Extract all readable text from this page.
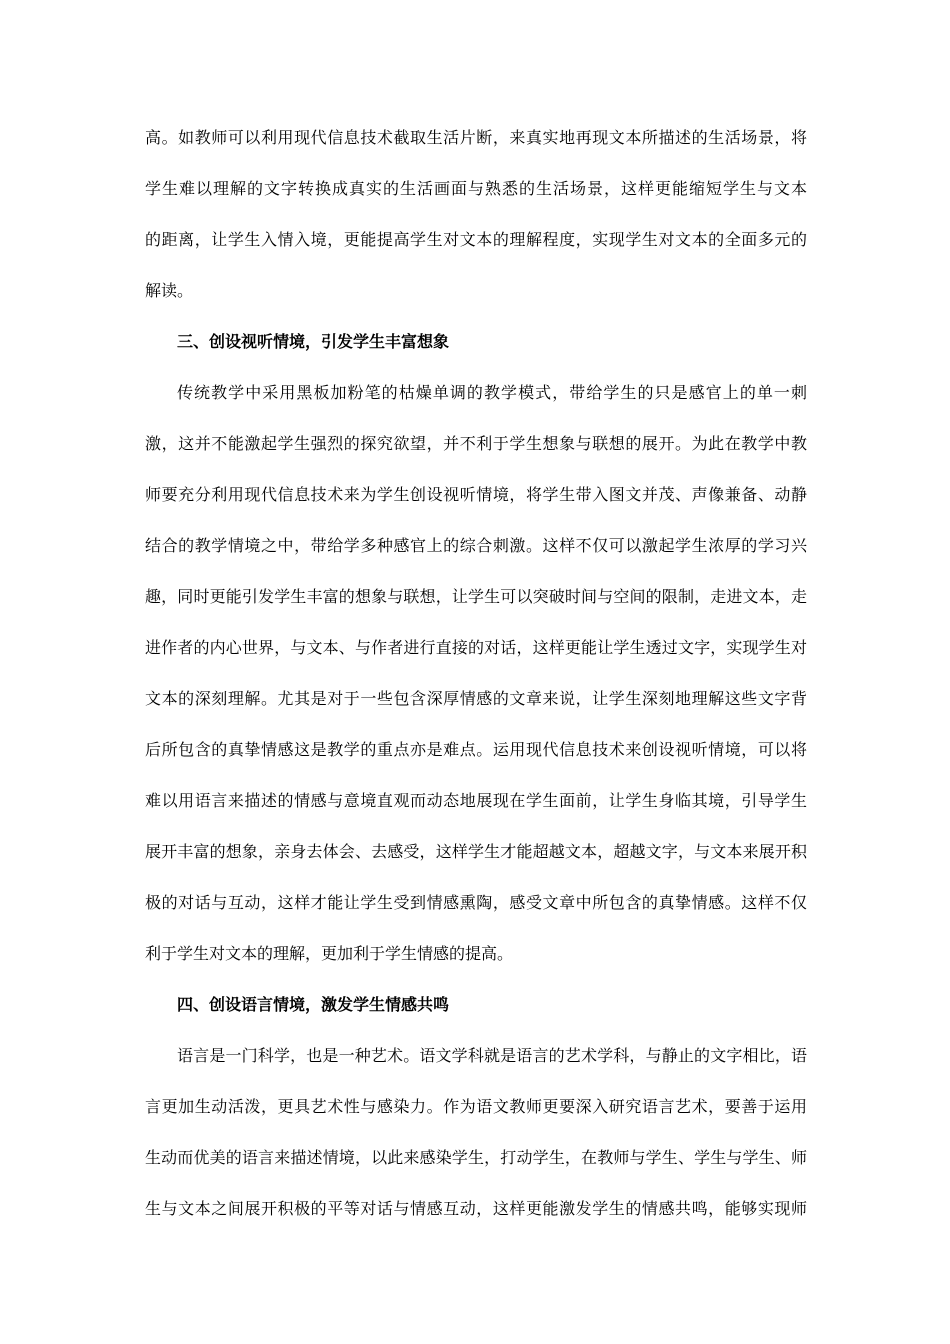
高。如教师可以利用现代信息技术截取生活片断，来真实地再现文本所描述的生活场景，将
学生难以理解的文字转换成真实的生活画面与熟悉的生活场景，这样更能缩短学生与文本
的距离，让学生入情入境，更能提高学生对文本的理解程度，实现学生对文本的全面多元的
解读。
三、创设视听情境，引发学生丰富想象
传统教学中采用黑板加粉笔的枯燥单调的教学模式，带给学生的只是感官上的单一刺
激，这并不能激起学生强烈的探究欲望，并不利于学生想象与联想的展开。为此在教学中教
师要充分利用现代信息技术来为学生创设视听情境，将学生带入图文并茂、声像兼备、动静
结合的教学情境之中，带给学多种感官上的综合刺激。这样不仅可以激起学生浓厚的学习兴
趣，同时更能引发学生丰富的想象与联想，让学生可以突破时间与空间的限制，走进文本，走
进作者的内心世界，与文本、与作者进行直接的对话，这样更能让学生透过文字，实现学生对
文本的深刻理解。尤其是对于一些包含深厚情感的文章来说，让学生深刻地理解这些文字背
后所包含的真挚情感这是教学的重点亦是难点。运用现代信息技术来创设视听情境，可以将
难以用语言来描述的情感与意境直观而动态地展现在学生面前，让学生身临其境，引导学生
展开丰富的想象，亲身去体会、去感受，这样学生才能超越文本，超越文字，与文本来展开积
极的对话与互动，这样才能让学生受到情感熏陶，感受文章中所包含的真挚情感。这样不仅
利于学生对文本的理解，更加利于学生情感的提高。
四、创设语言情境，激发学生情感共鸣
语言是一门科学，也是一种艺术。语文学科就是语言的艺术学科，与静止的文字相比，语
言更加生动活泼，更具艺术性与感染力。作为语文教师更要深入研究语言艺术，要善于运用
生动而优美的语言来描述情境，以此来感染学生，打动学生，在教师与学生、学生与学生、师
生与文本之间展开积极的平等对话与情感互动，这样更能激发学生的情感共鸣，能够实现师
